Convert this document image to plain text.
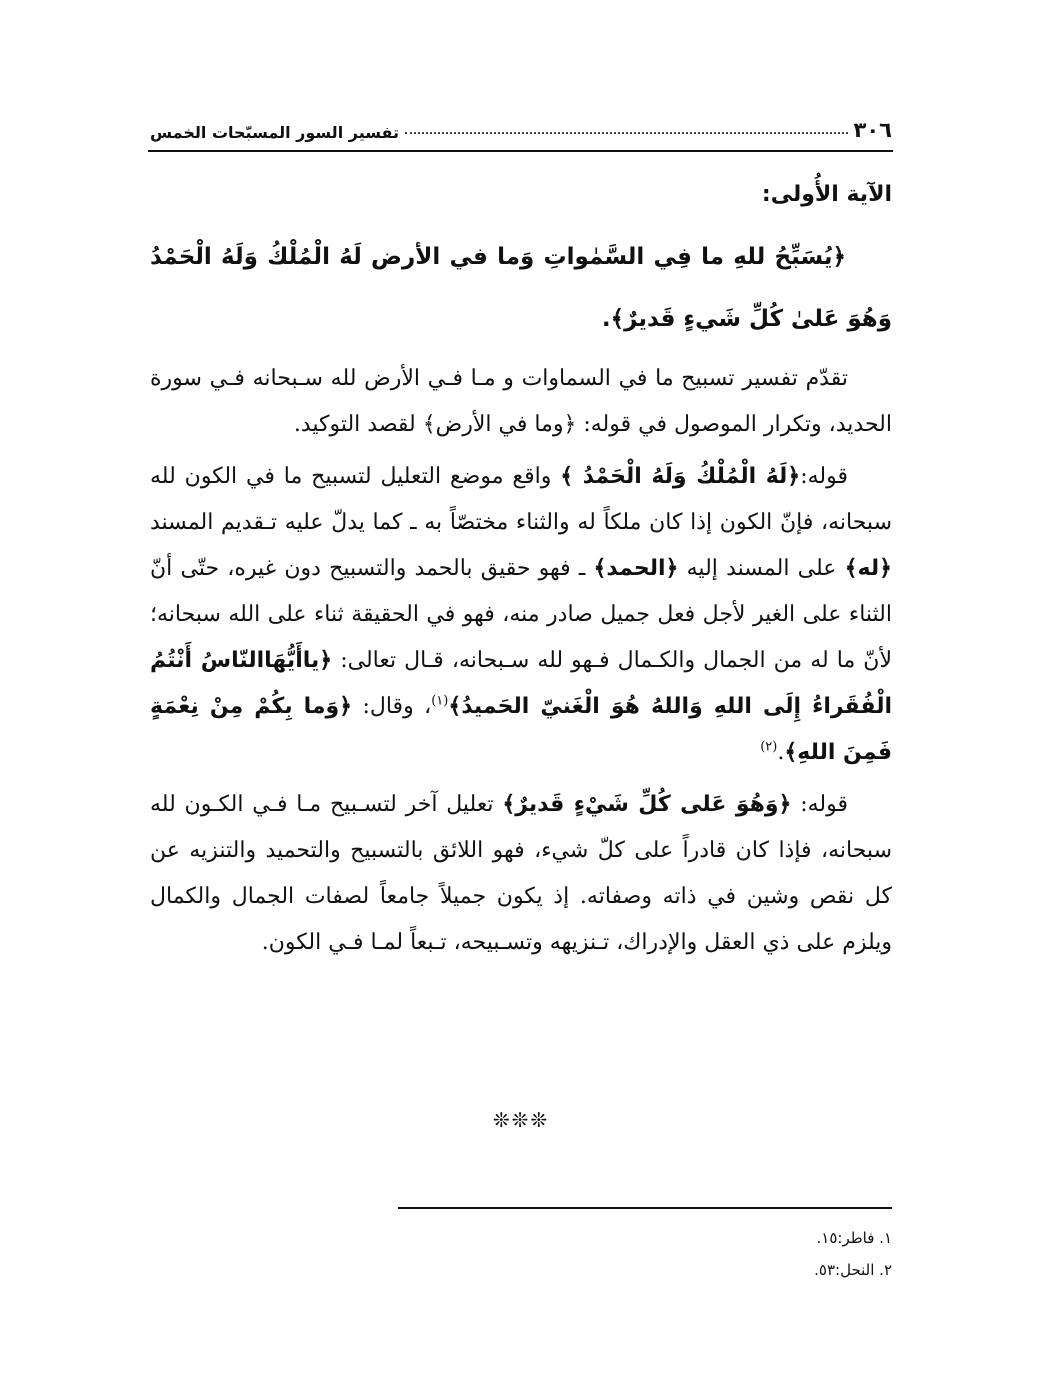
٣٠٦
تفسير السور المسبّحات الخمس

الآية الأُولى:

﴿يُسَبِّحُ للهِ ما فِي السَّمٰواتِ وَما في الأرض لَهُ الْمُلْكُ وَلَهُ الْحَمْدُ وَهُوَ عَلىٰ كُلِّ شَيءٍ قَديرٌ﴾.

تقدّم تفسير تسبيح ما في السماوات و مـا فـي الأرض لله سـبحانه فـي سورة الحديد، وتكرار الموصول في قوله: ﴿وما في الأرض﴾ لقصد التوكيد.

قوله:﴿لَهُ الْمُلْكُ وَلَهُ الْحَمْدُ ﴾ واقع موضع التعليل لتسبيح ما في الكون لله سبحانه، فإنّ الكون إذا كان ملكاً له والثناء مختصّاً به ـ كما يدلّ عليه تـقديم المسند ﴿له﴾ على المسند إليه ﴿الحمد﴾ ـ فهو حقيق بالحمد والتسبيح دون غيره، حتّى أنّ الثناء على الغير لأجل فعل جميل صادر منه، فهو في الحقيقة ثناء على الله سبحانه؛ لأنّ ما له من الجمال والكـمال فـهو لله سـبحانه، قـال تعالى: ﴿ياأَيُّهَاالنّاسُ أَنْتُمُ الْفُقَراءُ إِلَى اللهِ وَاللهُ هُوَ الْغَنيّ الحَميدُ﴾$^{(١)}$، وقال: ﴿وَما بِكُمْ مِنْ نِعْمَةٍ فَمِنَ اللهِ﴾.$^{(٢)}$

قوله: ﴿وَهُوَ عَلى كُلِّ شَيْءٍ قَديرٌ﴾ تعليل آخر لتسـبيح مـا فـي الكـون لله سبحانه، فإذا كان قادراً على كلّ شيء، فهو اللائق بالتسبيح والتحميد والتنزيه عن كل نقص وشين في ذاته وصفاته. إذ يكون جميلاً جامعاً لصفات الجمال والكمال ويلزم على ذي العقل والإدراك، تـنزيهه وتسـبيحه، تـبعاً لمـا فـي الكون.

❊❊❊
١. فاطر:١٥.
٢. النحل:٥٣.
